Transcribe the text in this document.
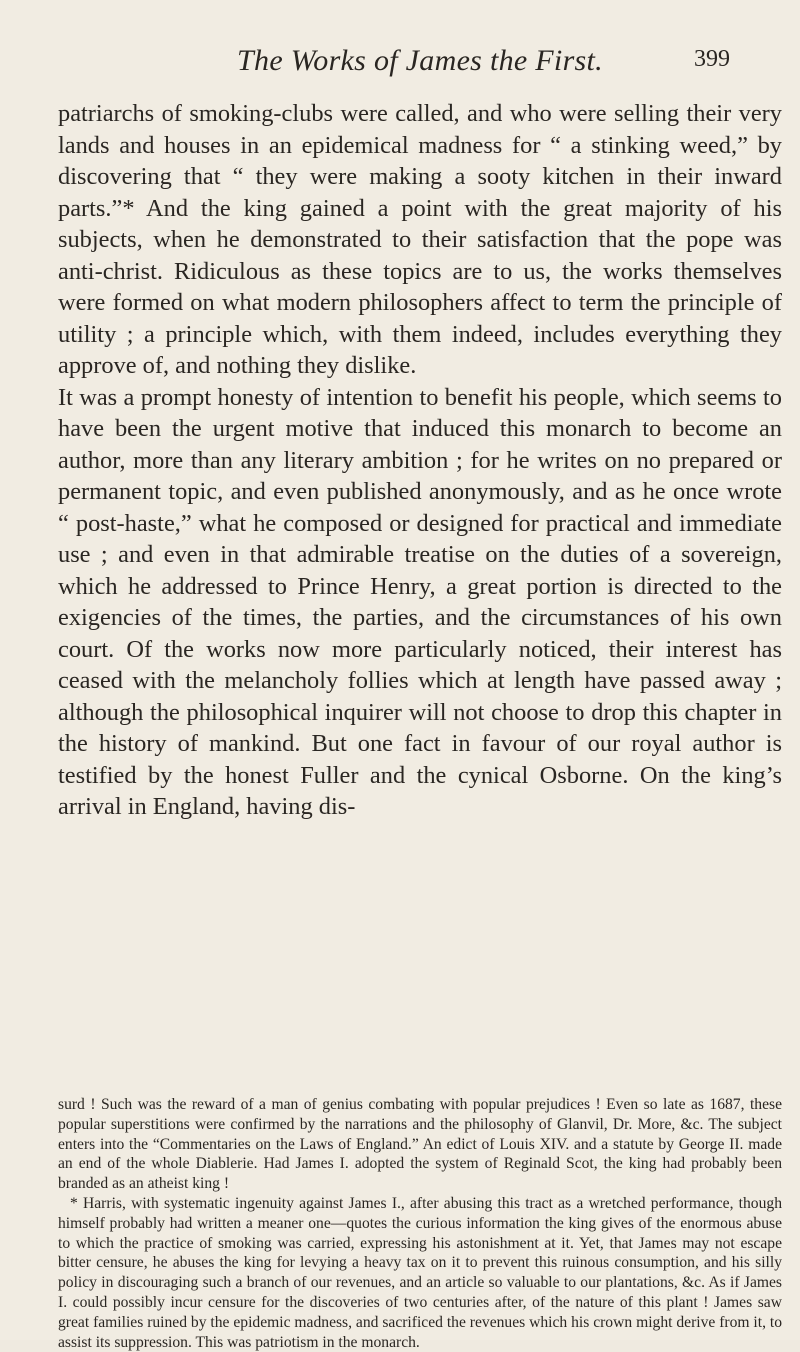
The Works of James the First.	399

patriarchs of smoking-clubs were called, and who were selling their very lands and houses in an epidemical madness for “ a stinking weed,” by discovering that “ they were making a sooty kitchen in their inward parts.”* And the king gained a point with the great majority of his subjects, when he demonstrated to their satisfaction that the pope was anti-christ. Ridiculous as these topics are to us, the works themselves were formed on what modern philosophers affect to term the principle of utility ; a principle which, with them indeed, includes everything they approve of, and nothing they dislike.

It was a prompt honesty of intention to benefit his people, which seems to have been the urgent motive that induced this monarch to become an author, more than any literary ambition ; for he writes on no prepared or permanent topic, and even published anonymously, and as he once wrote “ post-haste,” what he composed or designed for practical and immediate use ; and even in that admirable treatise on the duties of a sovereign, which he addressed to Prince Henry, a great portion is directed to the exigencies of the times, the parties, and the circumstances of his own court. Of the works now more particularly noticed, their interest has ceased with the melancholy follies which at length have passed away ; although the philosophical inquirer will not choose to drop this chapter in the history of mankind. But one fact in favour of our royal author is testified by the honest Fuller and the cynical Osborne. On the king’s arrival in England, having dis-

surd ! Such was the reward of a man of genius combating with popular prejudices ! Even so late as 1687, these popular superstitions were confirmed by the narrations and the philosophy of Glanvil, Dr. More, &c. The subject enters into the “Commentaries on the Laws of England.” An edict of Louis XIV. and a statute by George II. made an end of the whole Diablerie. Had James I. adopted the system of Reginald Scot, the king had probably been branded as an atheist king !

* Harris, with systematic ingenuity against James I., after abusing this tract as a wretched performance, though himself probably had written a meaner one—quotes the curious information the king gives of the enormous abuse to which the practice of smoking was carried, expressing his astonishment at it. Yet, that James may not escape bitter censure, he abuses the king for levying a heavy tax on it to prevent this ruinous consumption, and his silly policy in discouraging such a branch of our revenues, and an article so valuable to our plantations, &c. As if James I. could possibly incur censure for the discoveries of two centuries after, of the nature of this plant ! James saw great families ruined by the epidemic madness, and sacrificed the revenues which his crown might derive from it, to assist its suppression. This was patriotism in the monarch.
